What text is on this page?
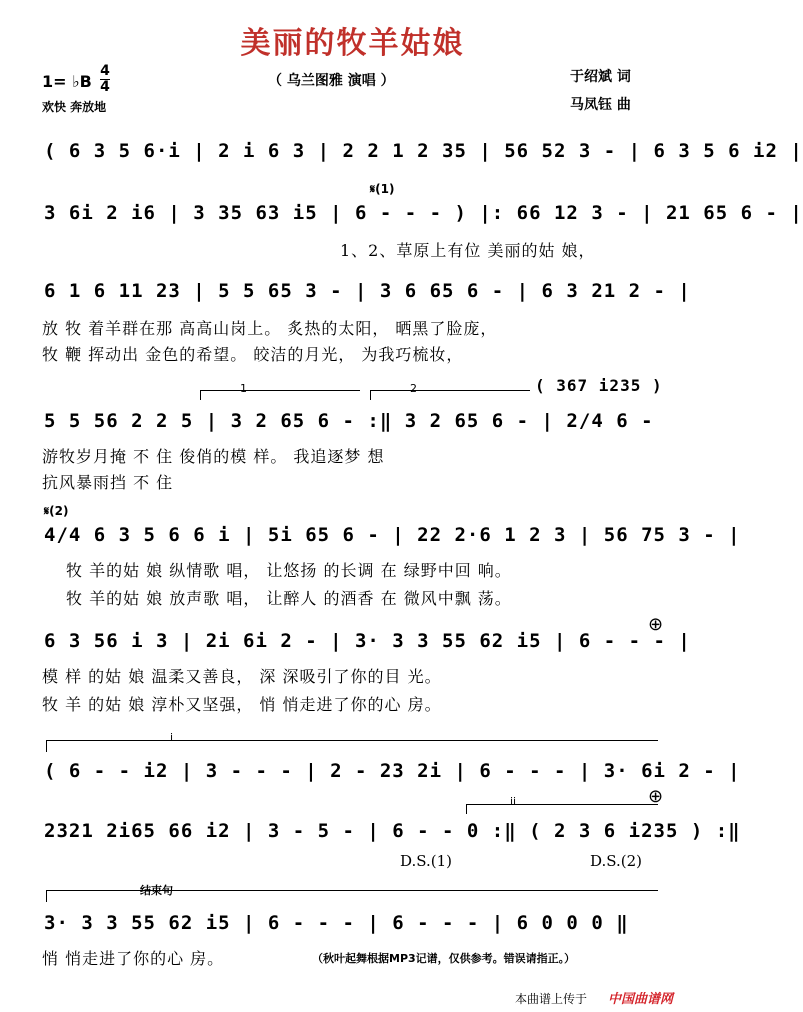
美丽的牧羊姑娘
（ 乌兰图雅 演唱 ）	于绍斌 词
马凤钰 曲
1= ♭B
4
4
欢快 奔放地
( 6 3 5 6·i | 2 i 6 3 | 2 2 1 2 35 | 56 52 3 - | 6 3 5 6 i2 |
𝄋(1)
3 6i 2 i6 | 3 35 63 i5 | 6 - - - ) |: 66 12 3 - | 21 65 6 - |
1、2、草原上有位 美丽的姑 娘，
6 1 6 11 23 | 5 5 65 3 - | 3 6 65 6 - | 6 3 21 2 - |
放 牧 着羊群在那 高高山岗上。 炙热的太阳， 晒黑了脸庞，
牧 鞭 挥动出 金色的希望。 皎洁的月光， 为我巧梳妆，
1	2	( 367 i235 )
5 5 56 2 2 5 | 3 2 65 6 - :‖ 3 2 65 6 - | 2/4 6 -
游牧岁月掩 不 住 俊俏的模 样。 我追逐梦 想
抗风暴雨挡 不 住
𝄋(2)
4/4 6 3 5 6 6 i | 5i 65 6 - | 22 2·6 1 2 3 | 56 75 3 - |
牧 羊的姑 娘 纵情歌 唱， 让悠扬 的长调 在 绿野中回 响。
牧 羊的姑 娘 放声歌 唱， 让醉人 的酒香 在 微风中飘 荡。
6 3 56 i 3 | 2i 6i 2 - | 3· 3 3 55 62 i5 | 6 - - - |
⊕
模 样 的姑 娘 温柔又善良， 深 深吸引了你的目 光。
牧 羊 的姑 娘 淳朴又坚强， 悄 悄走进了你的心 房。
i
( 6 - - i2 | 3 - - - | 2 - 23 2i | 6 - - - | 3· 6i 2 - |
ii	⊕
2321 2i65 66 i2 | 3 - 5 - | 6 - - 0 :‖ ( 2 3 6 i235 ) :‖
D.S.(1)	D.S.(2)
结束句
3· 3 3 55 62 i5 | 6 - - - | 6 - - - | 6 0 0 0 ‖
悄 悄走进了你的心 房。	（秋叶起舞根据MP3记谱，仅供参考。错误请指正。）
本曲谱上传于 中国曲谱网
